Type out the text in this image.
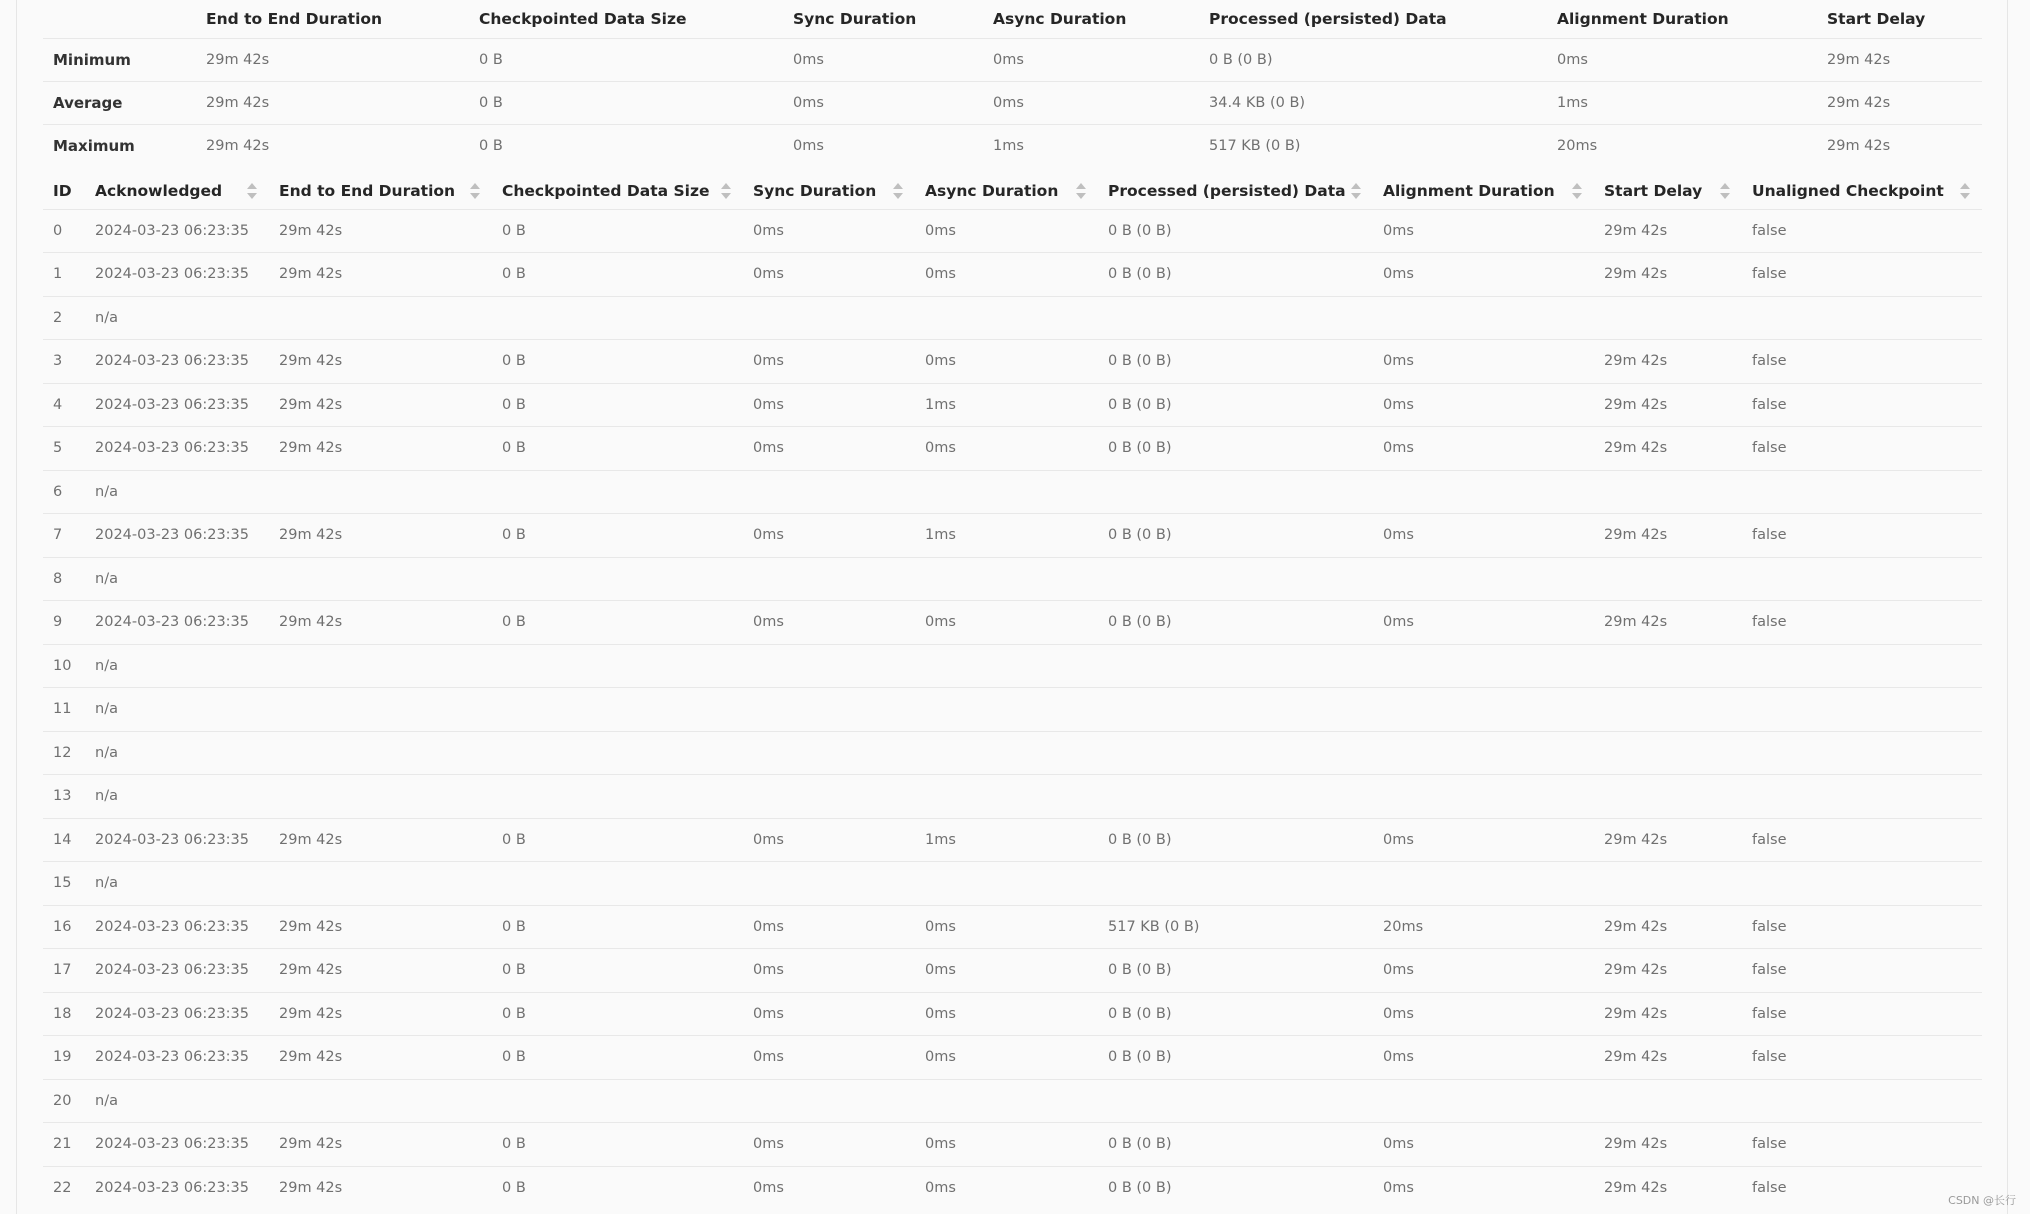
	End to End Duration	Checkpointed Data Size	Sync Duration	Async Duration	Processed (persisted) Data	Alignment Duration	Start Delay
Minimum	29m 42s	0 B	0ms	0ms	0 B (0 B)	0ms	29m 42s
Average	29m 42s	0 B	0ms	0ms	34.4 KB (0 B)	1ms	29m 42s
Maximum	29m 42s	0 B	0ms	1ms	517 KB (0 B)	20ms	29m 42s
ID	Acknowledged	End to End Duration	Checkpointed Data Size	Sync Duration	Async Duration	Processed (persisted) Data	Alignment Duration	Start Delay	Unaligned Checkpoint

0	2024-03-23 06:23:35	29m 42s	0 B	0ms	0ms	0 B (0 B)	0ms	29m 42s	false
1	2024-03-23 06:23:35	29m 42s	0 B	0ms	0ms	0 B (0 B)	0ms	29m 42s	false
2	n/a								
3	2024-03-23 06:23:35	29m 42s	0 B	0ms	0ms	0 B (0 B)	0ms	29m 42s	false
4	2024-03-23 06:23:35	29m 42s	0 B	0ms	1ms	0 B (0 B)	0ms	29m 42s	false
5	2024-03-23 06:23:35	29m 42s	0 B	0ms	0ms	0 B (0 B)	0ms	29m 42s	false
6	n/a								
7	2024-03-23 06:23:35	29m 42s	0 B	0ms	1ms	0 B (0 B)	0ms	29m 42s	false
8	n/a								
9	2024-03-23 06:23:35	29m 42s	0 B	0ms	0ms	0 B (0 B)	0ms	29m 42s	false
10	n/a								
11	n/a								
12	n/a								
13	n/a								
14	2024-03-23 06:23:35	29m 42s	0 B	0ms	1ms	0 B (0 B)	0ms	29m 42s	false
15	n/a								
16	2024-03-23 06:23:35	29m 42s	0 B	0ms	0ms	517 KB (0 B)	20ms	29m 42s	false
17	2024-03-23 06:23:35	29m 42s	0 B	0ms	0ms	0 B (0 B)	0ms	29m 42s	false
18	2024-03-23 06:23:35	29m 42s	0 B	0ms	0ms	0 B (0 B)	0ms	29m 42s	false
19	2024-03-23 06:23:35	29m 42s	0 B	0ms	0ms	0 B (0 B)	0ms	29m 42s	false
20	n/a								
21	2024-03-23 06:23:35	29m 42s	0 B	0ms	0ms	0 B (0 B)	0ms	29m 42s	false
22	2024-03-23 06:23:35	29m 42s	0 B	0ms	0ms	0 B (0 B)	0ms	29m 42s	false
CSDN @长行
